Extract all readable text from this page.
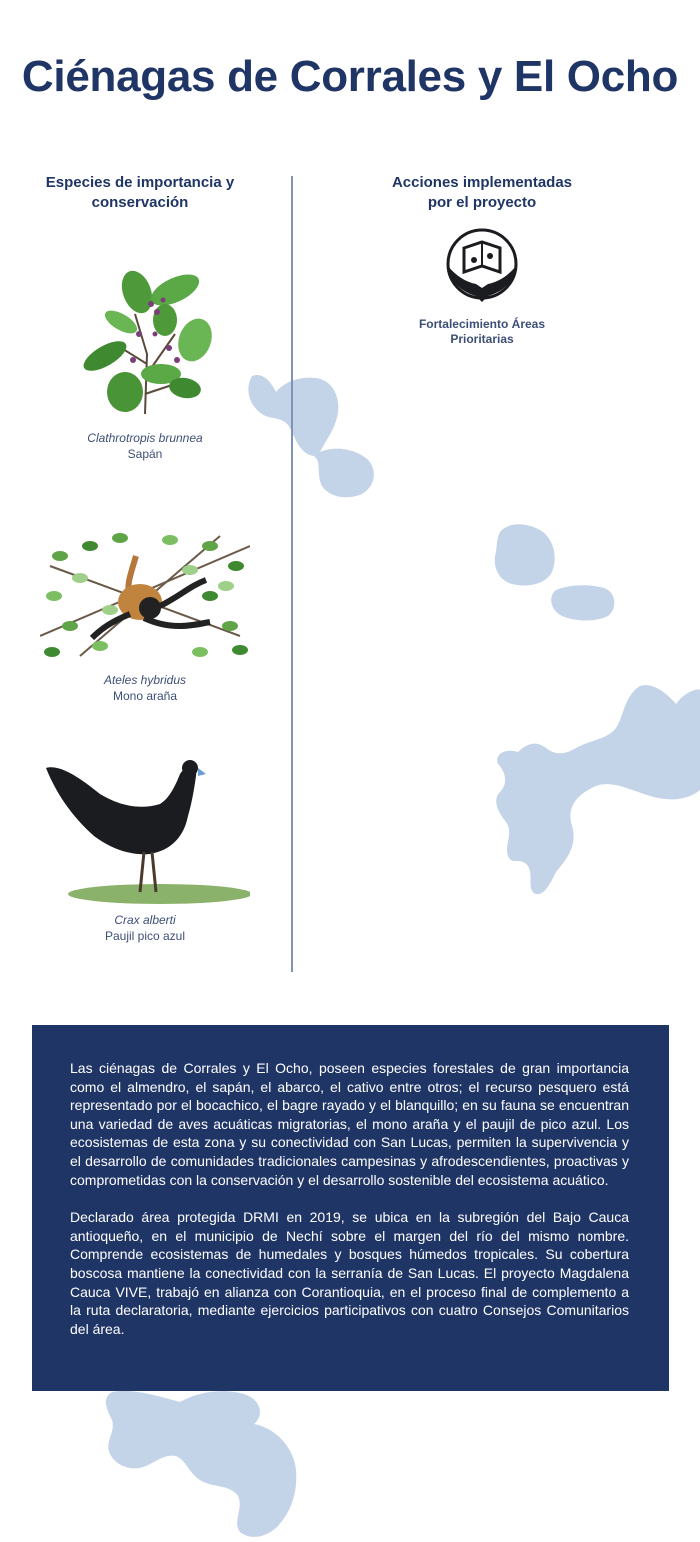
Ciénagas de Corrales y El Ocho
Especies de importancia y conservación
Acciones implementadas por el proyecto
Clathrotropis brunnea
Sapán
Ateles hybridus
Mono araña
Crax alberti
Paujil pico azul
Fortalecimiento Áreas Prioritarias

Las ciénagas de Corrales y El Ocho, poseen especies forestales de gran importancia como el almendro, el sapán, el abarco, el cativo entre otros; el recurso pesquero está representado por el bocachico, el bagre rayado y el blanquillo; en su fauna se encuentran una variedad de aves acuáticas migratorias, el mono araña y el paujil de pico azul. Los ecosistemas de esta zona y su conectividad con San Lucas, permiten la supervivencia y el desarrollo de comunidades tradicionales campesinas y afrodescendientes, proactivas y comprometidas con la conservación y el desarrollo sostenible del ecosistema acuático.

Declarado área protegida DRMI en 2019, se ubica en la subregión del Bajo Cauca antioqueño, en el municipio de Nechí sobre el margen del río del mismo nombre. Comprende ecosistemas de humedales y bosques húmedos tropicales. Su cobertura boscosa mantiene la conectividad con la serranía de San Lucas. El proyecto Magdalena Cauca VIVE, trabajó en alianza con Corantioquia, en el proceso final de complemento a la ruta declaratoria, mediante ejercicios participativos con cuatro Consejos Comunitarios del área.
